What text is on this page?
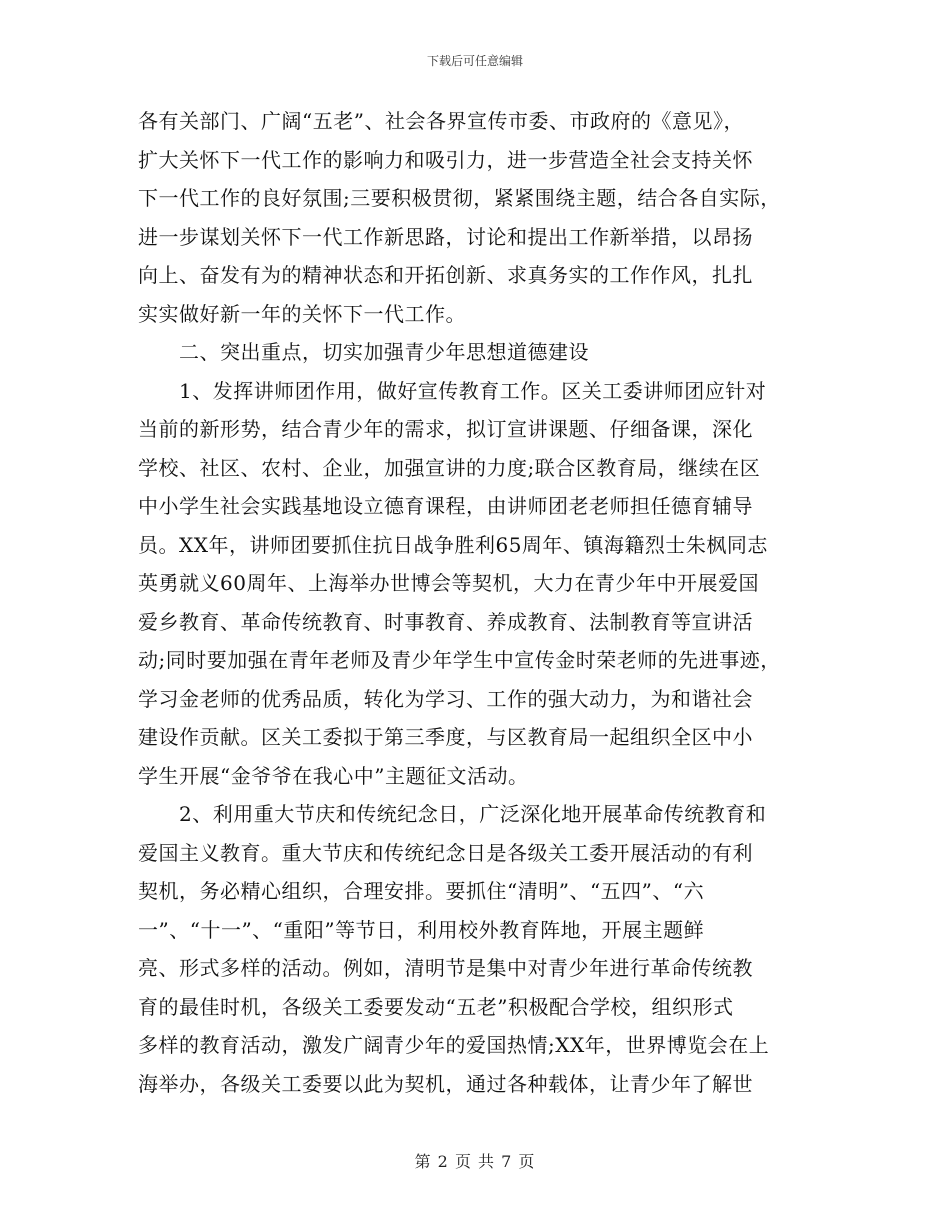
下载后可任意编辑
各有关部门、广阔“五老”、社会各界宣传市委、市政府的《意见》，
扩大关怀下一代工作的影响力和吸引力，进一步营造全社会支持关怀
下一代工作的良好氛围;三要积极贯彻，紧紧围绕主题，结合各自实际，
进一步谋划关怀下一代工作新思路，讨论和提出工作新举措，以昂扬
向上、奋发有为的精神状态和开拓创新、求真务实的工作作风，扎扎
实实做好新一年的关怀下一代工作。
　　二、突出重点，切实加强青少年思想道德建设
　　1、发挥讲师团作用，做好宣传教育工作。区关工委讲师团应针对
当前的新形势，结合青少年的需求，拟订宣讲课题、仔细备课，深化
学校、社区、农村、企业，加强宣讲的力度;联合区教育局，继续在区
中小学生社会实践基地设立德育课程，由讲师团老老师担任德育辅导
员。XX年，讲师团要抓住抗日战争胜利65周年、镇海籍烈士朱枫同志
英勇就义60周年、上海举办世博会等契机，大力在青少年中开展爱国
爱乡教育、革命传统教育、时事教育、养成教育、法制教育等宣讲活
动;同时要加强在青年老师及青少年学生中宣传金时荣老师的先进事迹，
学习金老师的优秀品质，转化为学习、工作的强大动力，为和谐社会
建设作贡献。区关工委拟于第三季度，与区教育局一起组织全区中小
学生开展“金爷爷在我心中”主题征文活动。
　　2、利用重大节庆和传统纪念日，广泛深化地开展革命传统教育和
爱国主义教育。重大节庆和传统纪念日是各级关工委开展活动的有利
契机，务必精心组织，合理安排。要抓住“清明”、“五四”、“六
一”、“十一”、“重阳”等节日，利用校外教育阵地，开展主题鲜
亮、形式多样的活动。例如，清明节是集中对青少年进行革命传统教
育的最佳时机，各级关工委要发动“五老”积极配合学校，组织形式
多样的教育活动，激发广阔青少年的爱国热情;XX年，世界博览会在上
海举办，各级关工委要以此为契机，通过各种载体，让青少年了解世
第 2 页 共 7 页
